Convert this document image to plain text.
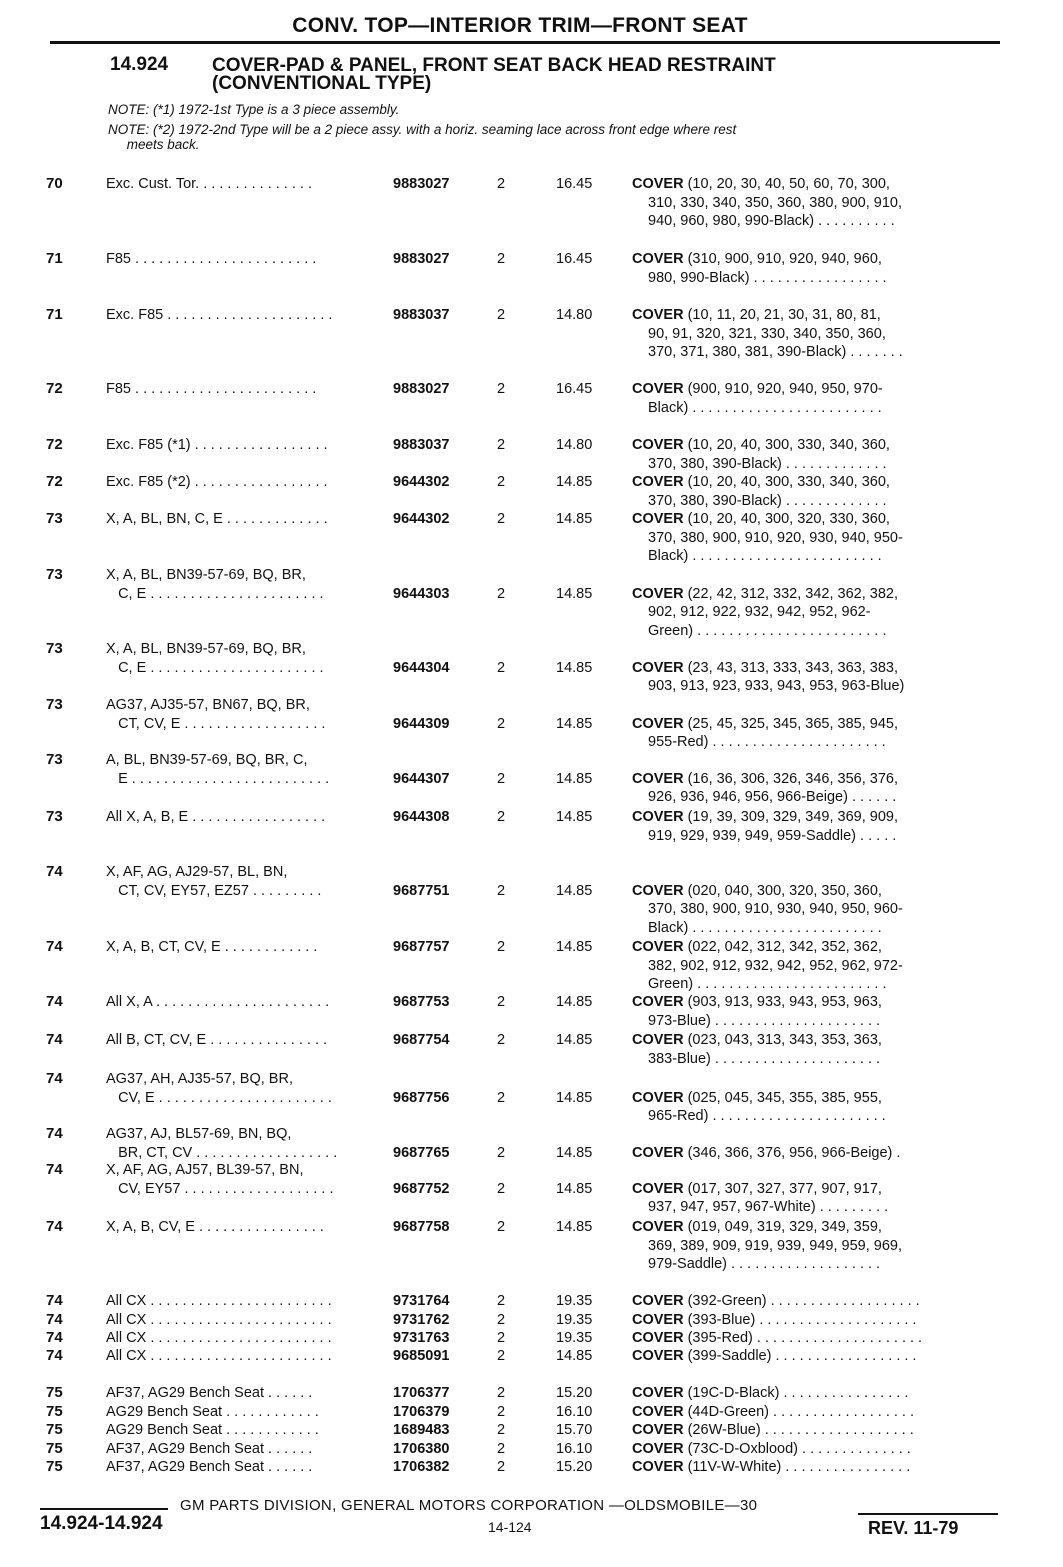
CONV. TOP—INTERIOR TRIM—FRONT SEAT
14.924 COVER-PAD & PANEL, FRONT SEAT BACK HEAD RESTRAINT
(CONVENTIONAL TYPE)
NOTE: (*1) 1972-1st Type is a 3 piece assembly.
NOTE: (*2) 1972-2nd Type will be a 2 piece assy. with a horiz. seaming lace across front edge where rest
meets back.
70	Exc. Cust. Tor. . . . . . . . . . . . . . .	9883027	2	16.45	COVER (10, 20, 30, 40, 50, 60, 70, 300,
310, 330, 340, 350, 360, 380, 900, 910,
940, 960, 980, 990-Black) . . . . . . . . . .
71	F85 . . . . . . . . . . . . . . . . . . . . . . .	9883027	2	16.45	COVER (310, 900, 910, 920, 940, 960,
980, 990-Black) . . . . . . . . . . . . . . . . .
71	Exc. F85 . . . . . . . . . . . . . . . . . . . . .	9883037	2	14.80	COVER (10, 11, 20, 21, 30, 31, 80, 81,
90, 91, 320, 321, 330, 340, 350, 360,
370, 371, 380, 381, 390-Black) . . . . . . .
72	F85 . . . . . . . . . . . . . . . . . . . . . . .	9883027	2	16.45	COVER (900, 910, 920, 940, 950, 970-
Black) . . . . . . . . . . . . . . . . . . . . . . . .
72	Exc. F85 (*1) . . . . . . . . . . . . . . . . .	9883037	2	14.80	COVER (10, 20, 40, 300, 330, 340, 360,
370, 380, 390-Black) . . . . . . . . . . . . .
72	Exc. F85 (*2) . . . . . . . . . . . . . . . . .	9644302	2	14.85	COVER (10, 20, 40, 300, 330, 340, 360,
370, 380, 390-Black) . . . . . . . . . . . . .
73	X, A, BL, BN, C, E . . . . . . . . . . . . .	9644302	2	14.85	COVER (10, 20, 40, 300, 320, 330, 360,
370, 380, 900, 910, 920, 930, 940, 950-
Black) . . . . . . . . . . . . . . . . . . . . . . . .
73	X, A, BL, BN39-57-69, BQ, BR,
C, E . . . . . . . . . . . . . . . . . . . . . .	9644303	2	14.85	COVER (22, 42, 312, 332, 342, 362, 382,
902, 912, 922, 932, 942, 952, 962-
Green) . . . . . . . . . . . . . . . . . . . . . . . .
73	X, A, BL, BN39-57-69, BQ, BR,
C, E . . . . . . . . . . . . . . . . . . . . . .	9644304	2	14.85	COVER (23, 43, 313, 333, 343, 363, 383,
903, 913, 923, 933, 943, 953, 963-Blue)
73	AG37, AJ35-57, BN67, BQ, BR,
CT, CV, E . . . . . . . . . . . . . . . . . .	9644309	2	14.85	COVER (25, 45, 325, 345, 365, 385, 945,
955-Red) . . . . . . . . . . . . . . . . . . . . . .
73	A, BL, BN39-57-69, BQ, BR, C,
E . . . . . . . . . . . . . . . . . . . . . . . . .	9644307	2	14.85	COVER (16, 36, 306, 326, 346, 356, 376,
926, 936, 946, 956, 966-Beige) . . . . . .
73	All X, A, B, E . . . . . . . . . . . . . . . . .	9644308	2	14.85	COVER (19, 39, 309, 329, 349, 369, 909,
919, 929, 939, 949, 959-Saddle) . . . . .
74	X, AF, AG, AJ29-57, BL, BN,
CT, CV, EY57, EZ57 . . . . . . . . .	9687751	2	14.85	COVER (020, 040, 300, 320, 350, 360,
370, 380, 900, 910, 930, 940, 950, 960-
Black) . . . . . . . . . . . . . . . . . . . . . . . .
74	X, A, B, CT, CV, E . . . . . . . . . . . .	9687757	2	14.85	COVER (022, 042, 312, 342, 352, 362,
382, 902, 912, 932, 942, 952, 962, 972-
Green) . . . . . . . . . . . . . . . . . . . . . . . .
74	All X, A . . . . . . . . . . . . . . . . . . . . . .	9687753	2	14.85	COVER (903, 913, 933, 943, 953, 963,
973-Blue) . . . . . . . . . . . . . . . . . . . . .
74	All B, CT, CV, E . . . . . . . . . . . . . . .	9687754	2	14.85	COVER (023, 043, 313, 343, 353, 363,
383-Blue) . . . . . . . . . . . . . . . . . . . . .
74	AG37, AH, AJ35-57, BQ, BR,
CV, E . . . . . . . . . . . . . . . . . . . . . .	9687756	2	14.85	COVER (025, 045, 345, 355, 385, 955,
965-Red) . . . . . . . . . . . . . . . . . . . . . .
74	AG37, AJ, BL57-69, BN, BQ,
BR, CT, CV . . . . . . . . . . . . . . . . . .	9687765	2	14.85	COVER (346, 366, 376, 956, 966-Beige) .
74	X, AF, AG, AJ57, BL39-57, BN,
CV, EY57 . . . . . . . . . . . . . . . . . . .	9687752	2	14.85	COVER (017, 307, 327, 377, 907, 917,
937, 947, 957, 967-White) . . . . . . . . .
74	X, A, B, CV, E . . . . . . . . . . . . . . . .	9687758	2	14.85	COVER (019, 049, 319, 329, 349, 359,
369, 389, 909, 919, 939, 949, 959, 969,
979-Saddle) . . . . . . . . . . . . . . . . . . .
74	All CX . . . . . . . . . . . . . . . . . . . . . . .	9731764	2	19.35	COVER (392-Green) . . . . . . . . . . . . . . . . . . .
74	All CX . . . . . . . . . . . . . . . . . . . . . . .	9731762	2	19.35	COVER (393-Blue) . . . . . . . . . . . . . . . . . . . .
74	All CX . . . . . . . . . . . . . . . . . . . . . . .	9731763	2	19.35	COVER (395-Red) . . . . . . . . . . . . . . . . . . . . .
74	All CX . . . . . . . . . . . . . . . . . . . . . . .	9685091	2	14.85	COVER (399-Saddle) . . . . . . . . . . . . . . . . . .
75	AF37, AG29 Bench Seat . . . . . .	1706377	2	15.20	COVER (19C-D-Black) . . . . . . . . . . . . . . . .
75	AG29 Bench Seat . . . . . . . . . . . .	1706379	2	16.10	COVER (44D-Green) . . . . . . . . . . . . . . . . . .
75	AG29 Bench Seat . . . . . . . . . . . .	1689483	2	15.70	COVER (26W-Blue) . . . . . . . . . . . . . . . . . . .
75	AF37, AG29 Bench Seat . . . . . .	1706380	2	16.10	COVER (73C-D-Oxblood) . . . . . . . . . . . . . .
75	AF37, AG29 Bench Seat . . . . . .	1706382	2	15.20	COVER (11V-W-White) . . . . . . . . . . . . . . . .
14.924-14.924
GM PARTS DIVISION, GENERAL MOTORS CORPORATION —OLDSMOBILE—30
14-124	REV. 11-79
